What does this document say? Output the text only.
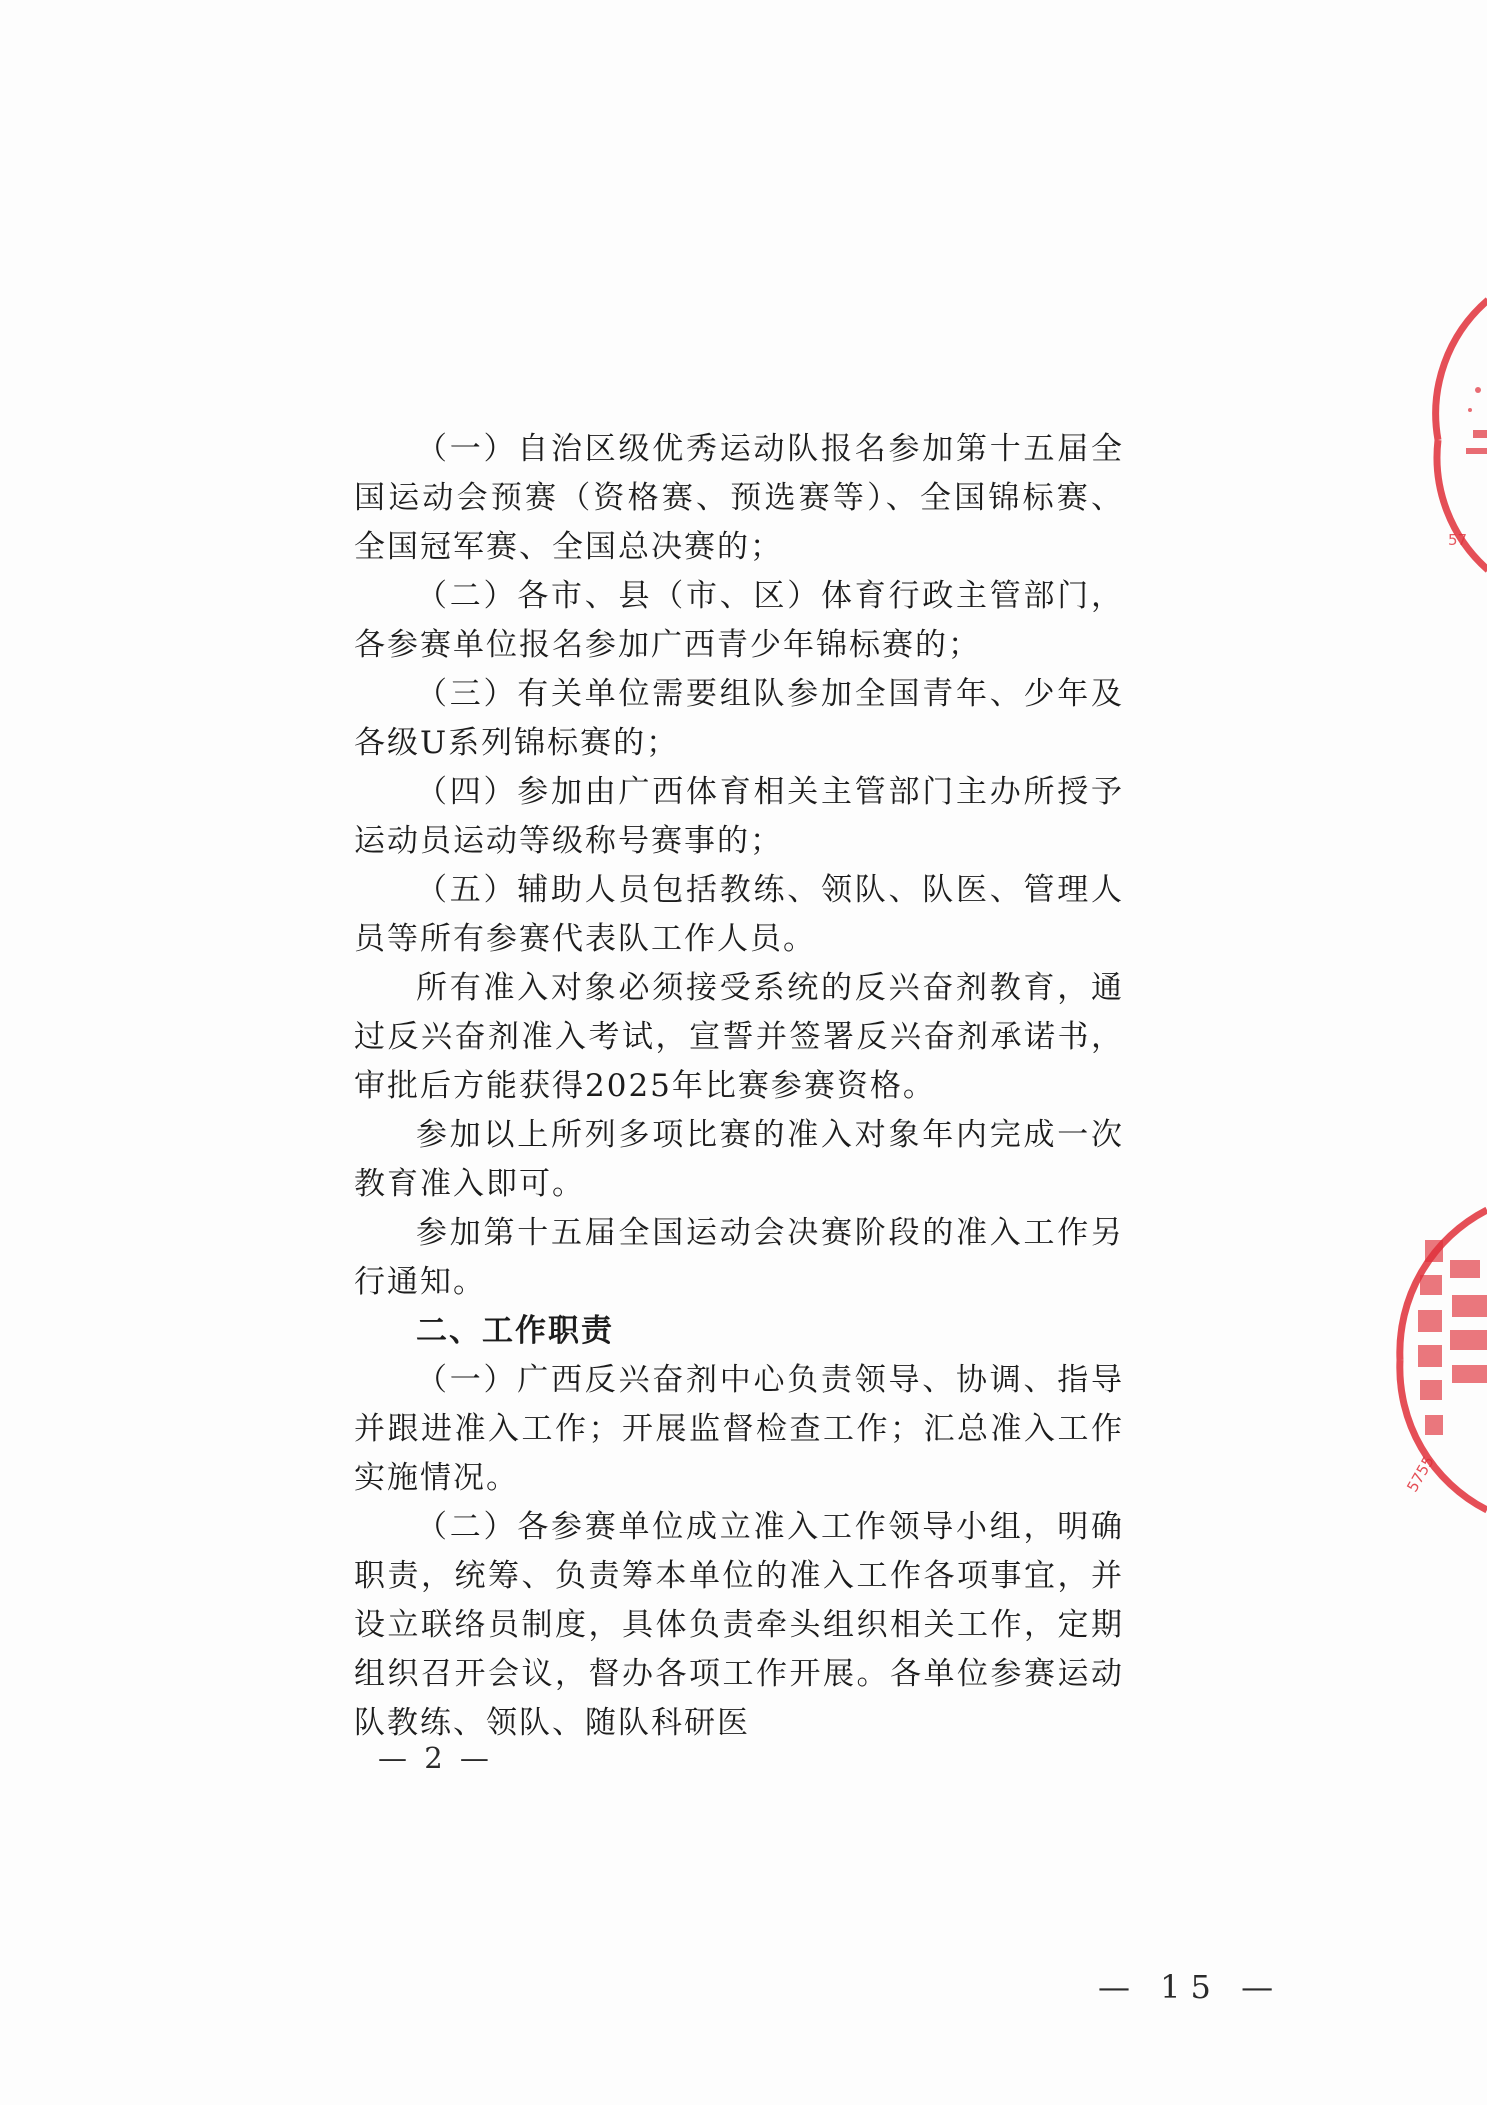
（一）自治区级优秀运动队报名参加第十五届全国运动会预赛（资格赛、预选赛等）、全国锦标赛、全国冠军赛、全国总决赛的；

（二）各市、县（市、区）体育行政主管部门，各参赛单位报名参加广西青少年锦标赛的；

（三）有关单位需要组队参加全国青年、少年及各级U系列锦标赛的；

（四）参加由广西体育相关主管部门主办所授予运动员运动等级称号赛事的；

（五）辅助人员包括教练、领队、队医、管理人员等所有参赛代表队工作人员。

所有准入对象必须接受系统的反兴奋剂教育，通过反兴奋剂准入考试，宣誓并签署反兴奋剂承诺书，审批后方能获得2025年比赛参赛资格。

参加以上所列多项比赛的准入对象年内完成一次教育准入即可。

参加第十五届全国运动会决赛阶段的准入工作另行通知。

二、工作职责

（一）广西反兴奋剂中心负责领导、协调、指导并跟进准入工作；开展监督检查工作；汇总准入工作实施情况。

（二）各参赛单位成立准入工作领导小组，明确职责，统筹、负责筹本单位的准入工作各项事宜，并设立联络员制度，具体负责牵头组织相关工作，定期组织召开会议，督办各项工作开展。各单位参赛运动队教练、领队、随队科研医

— 2 —
— 15 —
57
5755
